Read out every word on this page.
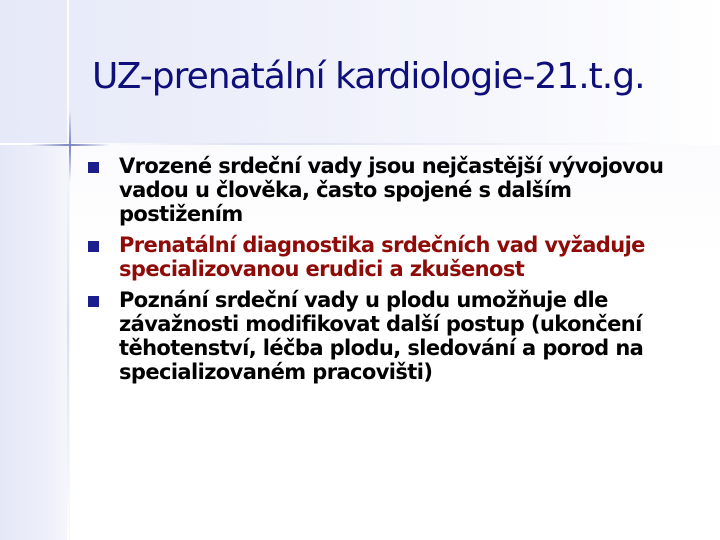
UZ-prenatální kardiologie-21.t.g.
Vrozené srdeční vady jsou nejčastější vývojovou vadou u člověka, často spojené s dalším postižením
Prenatální diagnostika srdečních vad vyžaduje specializovanou erudici a zkušenost
Poznání srdeční vady u plodu umožňuje dle závažnosti modifikovat další postup (ukončení těhotenství, léčba plodu, sledování a porod na specializovaném pracovišti)
